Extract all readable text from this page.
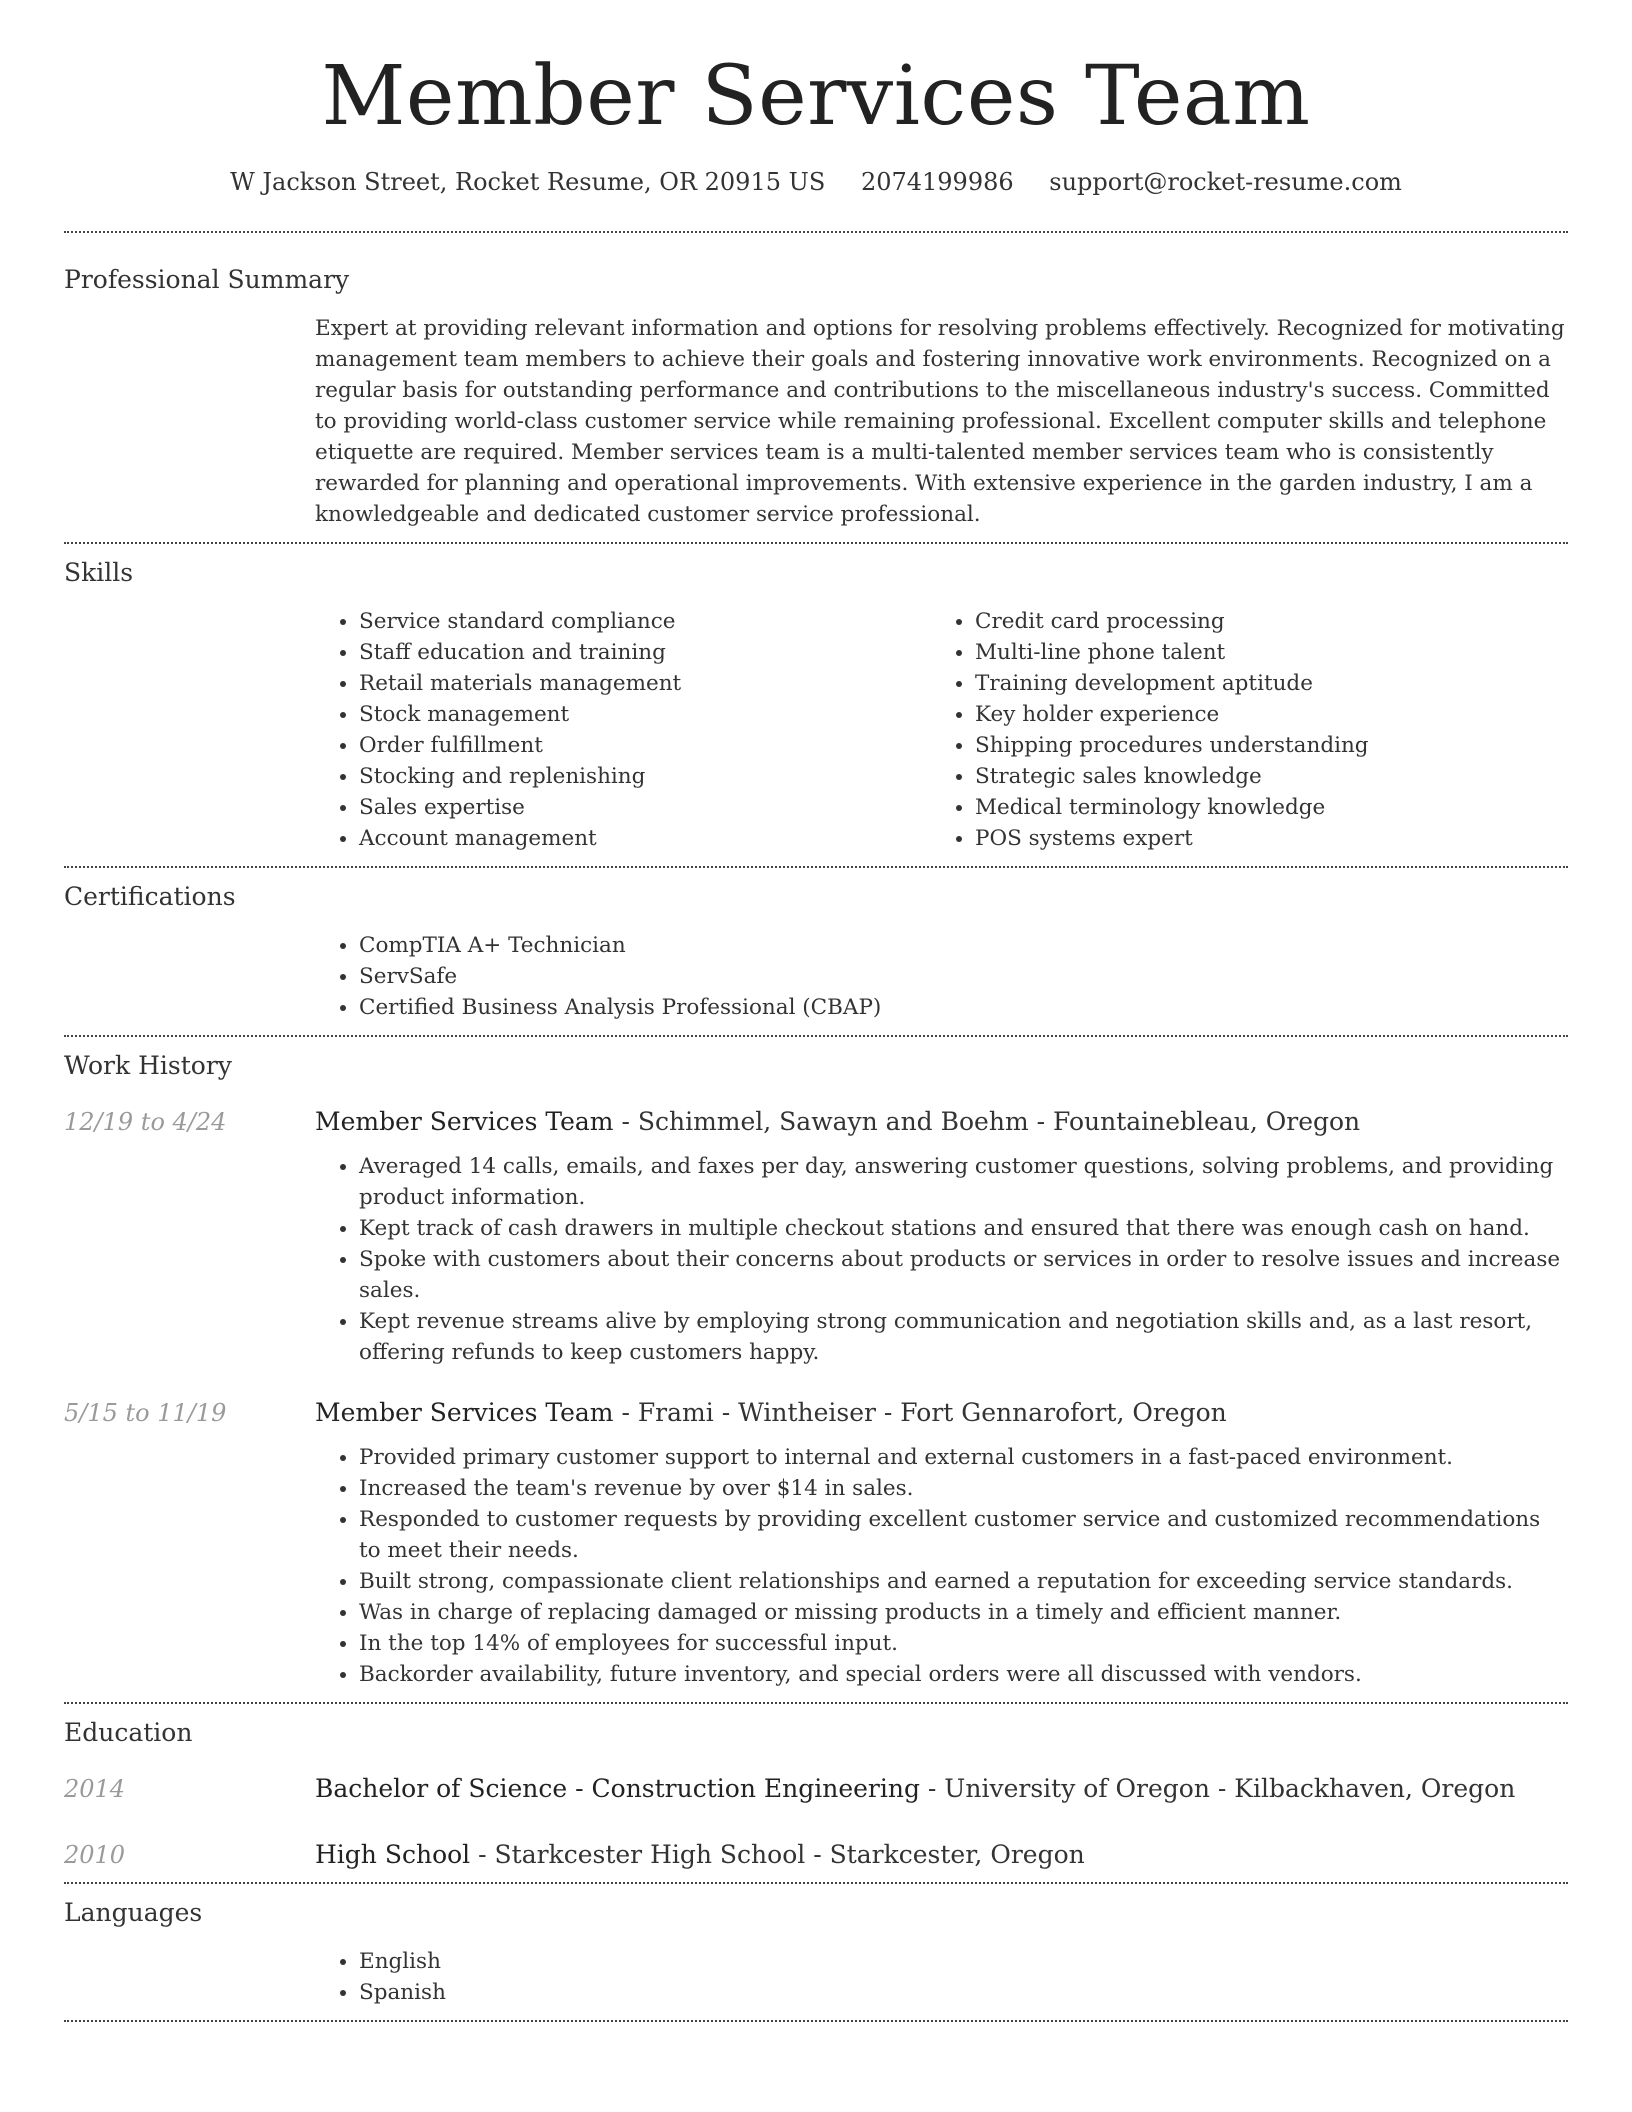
Member Services Team
W Jackson Street, Rocket Resume, OR 20915 US 2074199986 support@rocket-resume.com
Professional Summary
Expert at providing relevant information and options for resolving problems effectively. Recognized for motivating management team members to achieve their goals and fostering innovative work environments. Recognized on a regular basis for outstanding performance and contributions to the miscellaneous industry's success. Committed to providing world-class customer service while remaining professional. Excellent computer skills and telephone etiquette are required. Member services team is a multi-talented member services team who is consistently rewarded for planning and operational improvements. With extensive experience in the garden industry, I am a knowledgeable and dedicated customer service professional.
Skills
• Service standard compliance
• Staff education and training
• Retail materials management
• Stock management
• Order fulfillment
• Stocking and replenishing
• Sales expertise
• Account management
• Credit card processing
• Multi-line phone talent
• Training development aptitude
• Key holder experience
• Shipping procedures understanding
• Strategic sales knowledge
• Medical terminology knowledge
• POS systems expert
Certifications
• CompTIA A+ Technician
• ServSafe
• Certified Business Analysis Professional (CBAP)
Work History
12/19 to 4/24	Member Services Team - Schimmel, Sawayn and Boehm - Fountainebleau, Oregon
• Averaged 14 calls, emails, and faxes per day, answering customer questions, solving problems, and providing product information.
• Kept track of cash drawers in multiple checkout stations and ensured that there was enough cash on hand.
• Spoke with customers about their concerns about products or services in order to resolve issues and increase sales.
• Kept revenue streams alive by employing strong communication and negotiation skills and, as a last resort, offering refunds to keep customers happy.
5/15 to 11/19	Member Services Team - Frami - Wintheiser - Fort Gennarofort, Oregon
• Provided primary customer support to internal and external customers in a fast-paced environment.
• Increased the team's revenue by over $14 in sales.
• Responded to customer requests by providing excellent customer service and customized recommendations to meet their needs.
• Built strong, compassionate client relationships and earned a reputation for exceeding service standards.
• Was in charge of replacing damaged or missing products in a timely and efficient manner.
• In the top 14% of employees for successful input.
• Backorder availability, future inventory, and special orders were all discussed with vendors.
Education
2014	Bachelor of Science - Construction Engineering - University of Oregon - Kilbackhaven, Oregon
2010	High School - Starkcester High School - Starkcester, Oregon
Languages
• English
• Spanish
